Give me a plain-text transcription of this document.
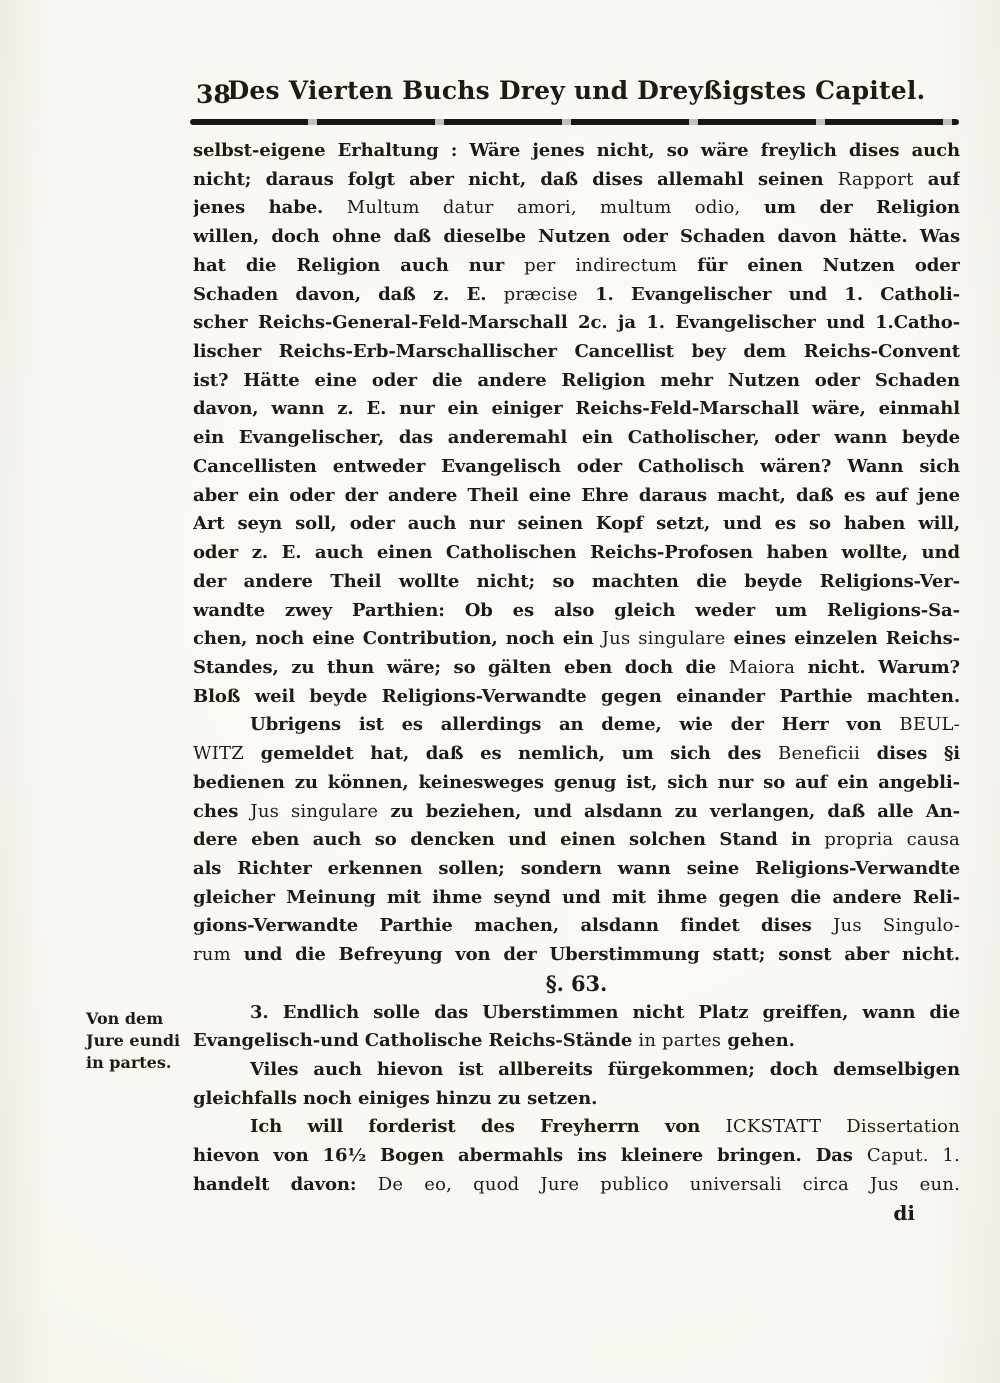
38
Des Vierten Buchs Drey und Dreyßigstes Capitel.
selbst-eigene Erhaltung : Wäre jenes nicht, so wäre freylich dises auch
nicht; daraus folgt aber nicht, daß dises allemahl seinen Rapport auf
jenes habe. Multum datur amori, multum odio, um der Religion
willen, doch ohne daß dieselbe Nutzen oder Schaden davon hätte. Was
hat die Religion auch nur per indirectum für einen Nutzen oder
Schaden davon, daß z. E. præcise 1. Evangelischer und 1. Catholi-
scher Reichs-General-Feld-Marschall 2c. ja 1. Evangelischer und 1.Catho-
lischer Reichs-Erb-Marschallischer Cancellist bey dem Reichs-Convent
ist? Hätte eine oder die andere Religion mehr Nutzen oder Schaden
davon, wann z. E. nur ein einiger Reichs-Feld-Marschall wäre, einmahl
ein Evangelischer, das anderemahl ein Catholischer, oder wann beyde
Cancellisten entweder Evangelisch oder Catholisch wären? Wann sich
aber ein oder der andere Theil eine Ehre daraus macht, daß es auf jene
Art seyn soll, oder auch nur seinen Kopf setzt, und es so haben will,
oder z. E. auch einen Catholischen Reichs-Profosen haben wollte, und
der andere Theil wollte nicht; so machten die beyde Religions-Ver-
wandte zwey Parthien: Ob es also gleich weder um Religions-Sa-
chen, noch eine Contribution, noch ein Jus singulare eines einzelen Reichs-
Standes, zu thun wäre; so gälten eben doch die Maiora nicht. Warum?
Bloß weil beyde Religions-Verwandte gegen einander Parthie machten.
Ubrigens ist es allerdings an deme, wie der Herr von BEUL-
WITZ gemeldet hat, daß es nemlich, um sich des Beneficii dises §i
bedienen zu können, keinesweges genug ist, sich nur so auf ein angebli-
ches Jus singulare zu beziehen, und alsdann zu verlangen, daß alle An-
dere eben auch so dencken und einen solchen Stand in propria causa
als Richter erkennen sollen; sondern wann seine Religions-Verwandte
gleicher Meinung mit ihme seynd und mit ihme gegen die andere Reli-
gions-Verwandte Parthie machen, alsdann findet dises Jus Singulo-
rum und die Befreyung von der Uberstimmung statt; sonst aber nicht.
§. 63.
3. Endlich solle das Uberstimmen nicht Platz greiffen, wann die
Evangelisch-und Catholische Reichs-Stände in partes gehen.
Viles auch hievon ist allbereits fürgekommen; doch demselbigen
gleichfalls noch einiges hinzu zu setzen.
Ich will forderist des Freyherrn von ICKSTATT Dissertation
hievon von 16½ Bogen abermahls ins kleinere bringen. Das Caput. 1.
handelt davon: De eo, quod Jure publico universali circa Jus eun.
Von dem
Jure eundi
in partes.
di
